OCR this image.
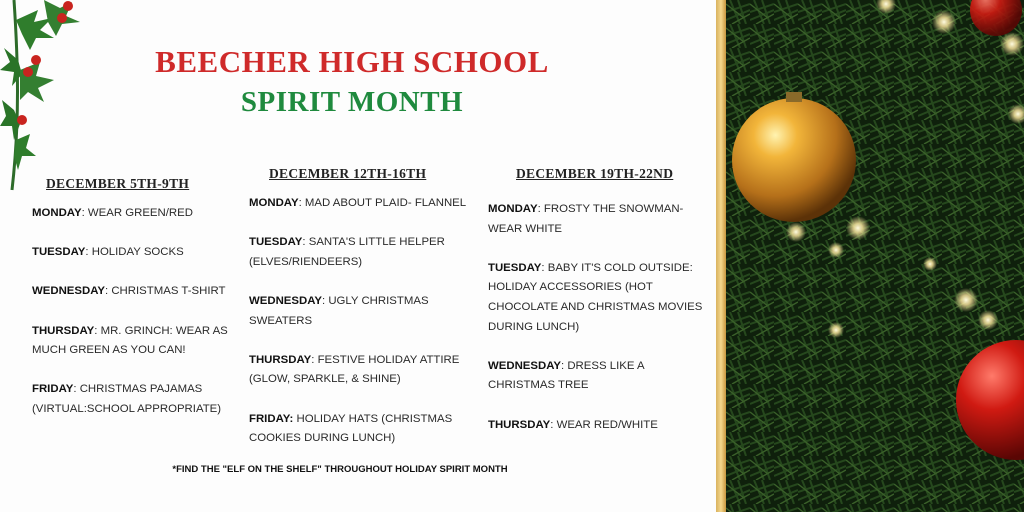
BEECHER HIGH SCHOOL
SPIRIT MONTH
DECEMBER 5TH-9TH
MONDAY: WEAR GREEN/RED
TUESDAY: HOLIDAY SOCKS
WEDNESDAY: CHRISTMAS T-SHIRT
THURSDAY: MR. GRINCH: WEAR AS MUCH GREEN AS YOU CAN!
FRIDAY: CHRISTMAS PAJAMAS (VIRTUAL:SCHOOL APPROPRIATE)
DECEMBER 12TH-16TH
MONDAY: MAD ABOUT PLAID- FLANNEL
TUESDAY: SANTA'S LITTLE HELPER (ELVES/RIENDEERS)
WEDNESDAY: UGLY CHRISTMAS SWEATERS
THURSDAY: FESTIVE HOLIDAY ATTIRE (GLOW, SPARKLE, & SHINE)
FRIDAY: HOLIDAY HATS (CHRISTMAS COOKIES DURING LUNCH)
DECEMBER 19TH-22ND
MONDAY: FROSTY THE SNOWMAN- WEAR WHITE
TUESDAY: BABY IT'S COLD OUTSIDE: HOLIDAY ACCESSORIES (HOT CHOCOLATE AND CHRISTMAS MOVIES DURING LUNCH)
WEDNESDAY: DRESS LIKE A CHRISTMAS TREE
THURSDAY: WEAR RED/WHITE
*FIND THE "ELF ON THE SHELF" THROUGHOUT HOLIDAY SPIRIT MONTH
